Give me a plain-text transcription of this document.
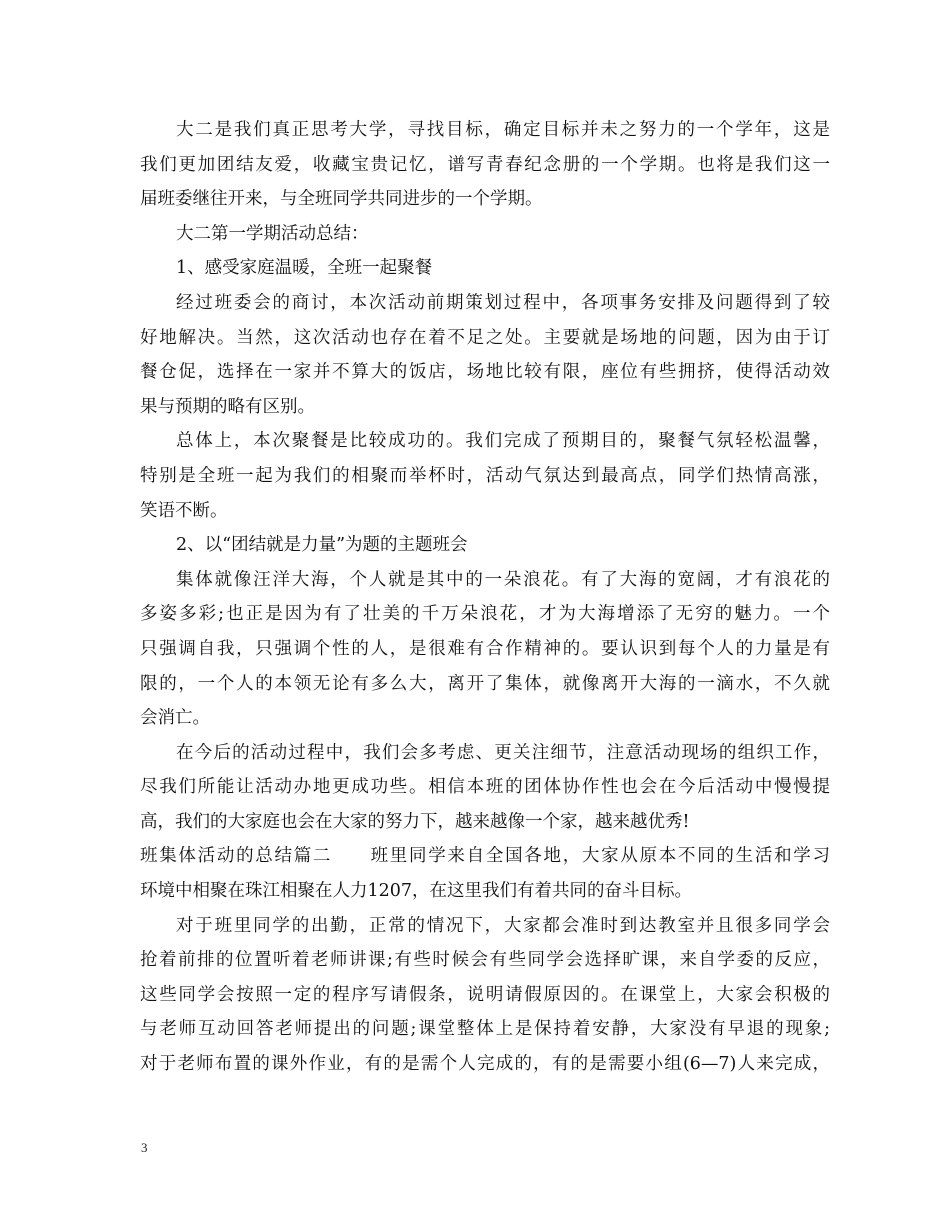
大二是我们真正思考大学，寻找目标，确定目标并未之努力的一个学年，这是
我们更加团结友爱，收藏宝贵记忆，谱写青春纪念册的一个学期。也将是我们这一
届班委继往开来，与全班同学共同进步的一个学期。
大二第一学期活动总结：
1、感受家庭温暖，全班一起聚餐
经过班委会的商讨，本次活动前期策划过程中，各项事务安排及问题得到了较
好地解决。当然，这次活动也存在着不足之处。主要就是场地的问题，因为由于订
餐仓促，选择在一家并不算大的饭店，场地比较有限，座位有些拥挤，使得活动效
果与预期的略有区别。
总体上，本次聚餐是比较成功的。我们完成了预期目的，聚餐气氛轻松温馨，
特别是全班一起为我们的相聚而举杯时，活动气氛达到最高点，同学们热情高涨，
笑语不断。
2、以“团结就是力量”为题的主题班会
集体就像汪洋大海，个人就是其中的一朵浪花。有了大海的宽阔，才有浪花的
多姿多彩;也正是因为有了壮美的千万朵浪花，才为大海增添了无穷的魅力。一个
只强调自我，只强调个性的人，是很难有合作精神的。要认识到每个人的力量是有
限的，一个人的本领无论有多么大，离开了集体，就像离开大海的一滴水，不久就
会消亡。
在今后的活动过程中，我们会多考虑、更关注细节，注意活动现场的组织工作，
尽我们所能让活动办地更成功些。相信本班的团体协作性也会在今后活动中慢慢提
高，我们的大家庭也会在大家的努力下，越来越像一个家，越来越优秀!
班集体活动的总结篇二　　班里同学来自全国各地，大家从原本不同的生活和学习
环境中相聚在珠江相聚在人力1207，在这里我们有着共同的奋斗目标。
对于班里同学的出勤，正常的情况下，大家都会准时到达教室并且很多同学会
抢着前排的位置听着老师讲课;有些时候会有些同学会选择旷课，来自学委的反应，
这些同学会按照一定的程序写请假条，说明请假原因的。在课堂上，大家会积极的
与老师互动回答老师提出的问题;课堂整体上是保持着安静，大家没有早退的现象;
对于老师布置的课外作业，有的是需个人完成的，有的是需要小组(6—7)人来完成，
3
